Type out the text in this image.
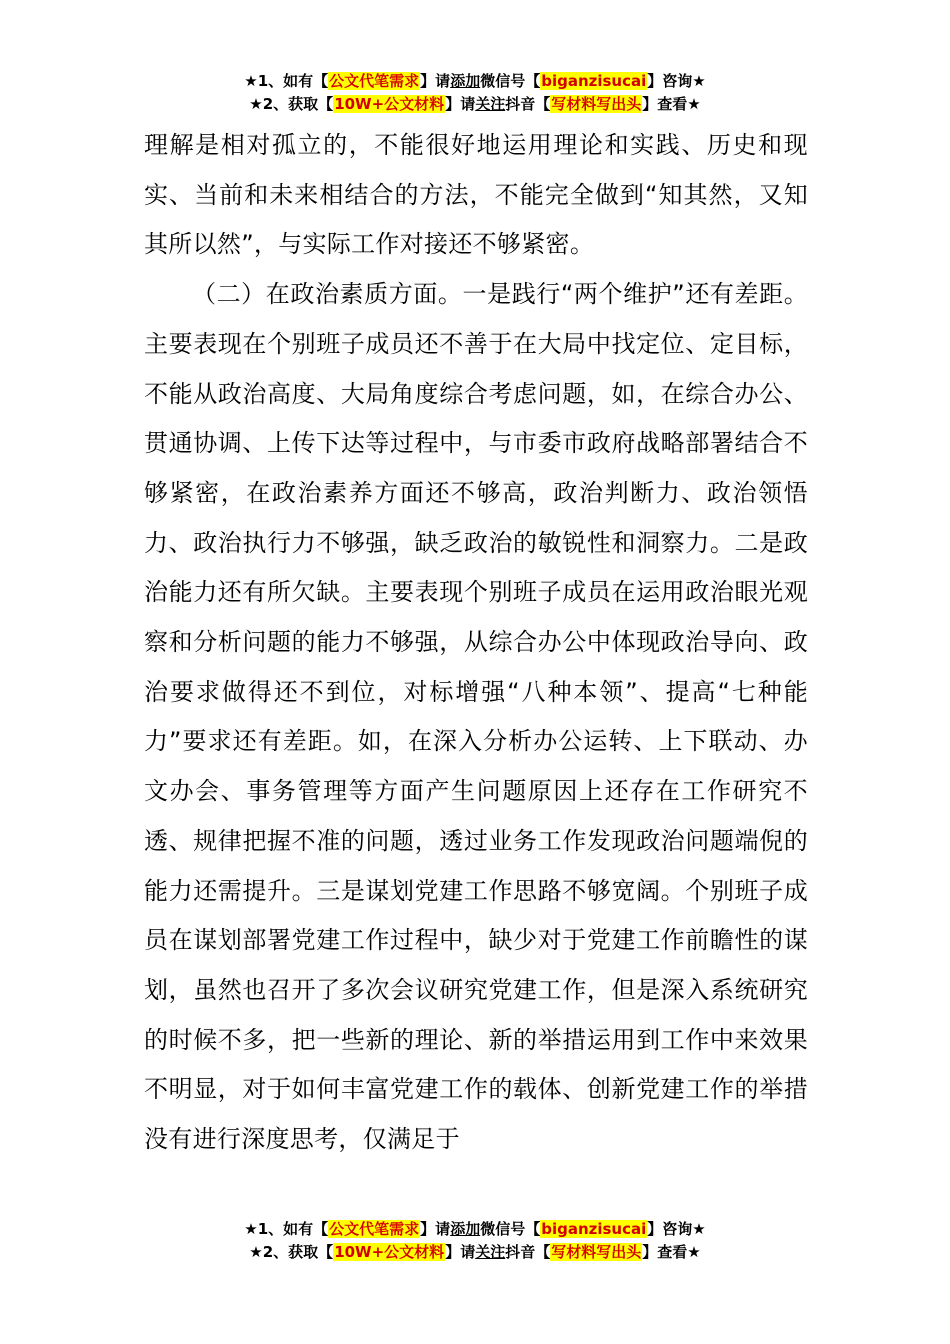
★1、如有【公文代笔需求】请添加微信号【biganzisucai】咨询★
★2、获取【10W+公文材料】请关注抖音【写材料写出头】查看★

理解是相对孤立的，不能很好地运用理论和实践、历史和现实、当前和未来相结合的方法，不能完全做到“知其然，又知其所以然”，与实际工作对接还不够紧密。

（二）在政治素质方面。一是践行“两个维护”还有差距。主要表现在个别班子成员还不善于在大局中找定位、定目标，不能从政治高度、大局角度综合考虑问题，如，在综合办公、贯通协调、上传下达等过程中，与市委市政府战略部署结合不够紧密，在政治素养方面还不够高，政治判断力、政治领悟力、政治执行力不够强，缺乏政治的敏锐性和洞察力。二是政治能力还有所欠缺。主要表现个别班子成员在运用政治眼光观察和分析问题的能力不够强，从综合办公中体现政治导向、政治要求做得还不到位，对标增强“八种本领”、提高“七种能力”要求还有差距。如，在深入分析办公运转、上下联动、办文办会、事务管理等方面产生问题原因上还存在工作研究不透、规律把握不准的问题，透过业务工作发现政治问题端倪的能力还需提升。三是谋划党建工作思路不够宽阔。个别班子成员在谋划部署党建工作过程中，缺少对于党建工作前瞻性的谋划，虽然也召开了多次会议研究党建工作，但是深入系统研究的时候不多，把一些新的理论、新的举措运用到工作中来效果不明显，对于如何丰富党建工作的载体、创新党建工作的举措没有进行深度思考，仅满足于

★1、如有【公文代笔需求】请添加微信号【biganzisucai】咨询★
★2、获取【10W+公文材料】请关注抖音【写材料写出头】查看★
